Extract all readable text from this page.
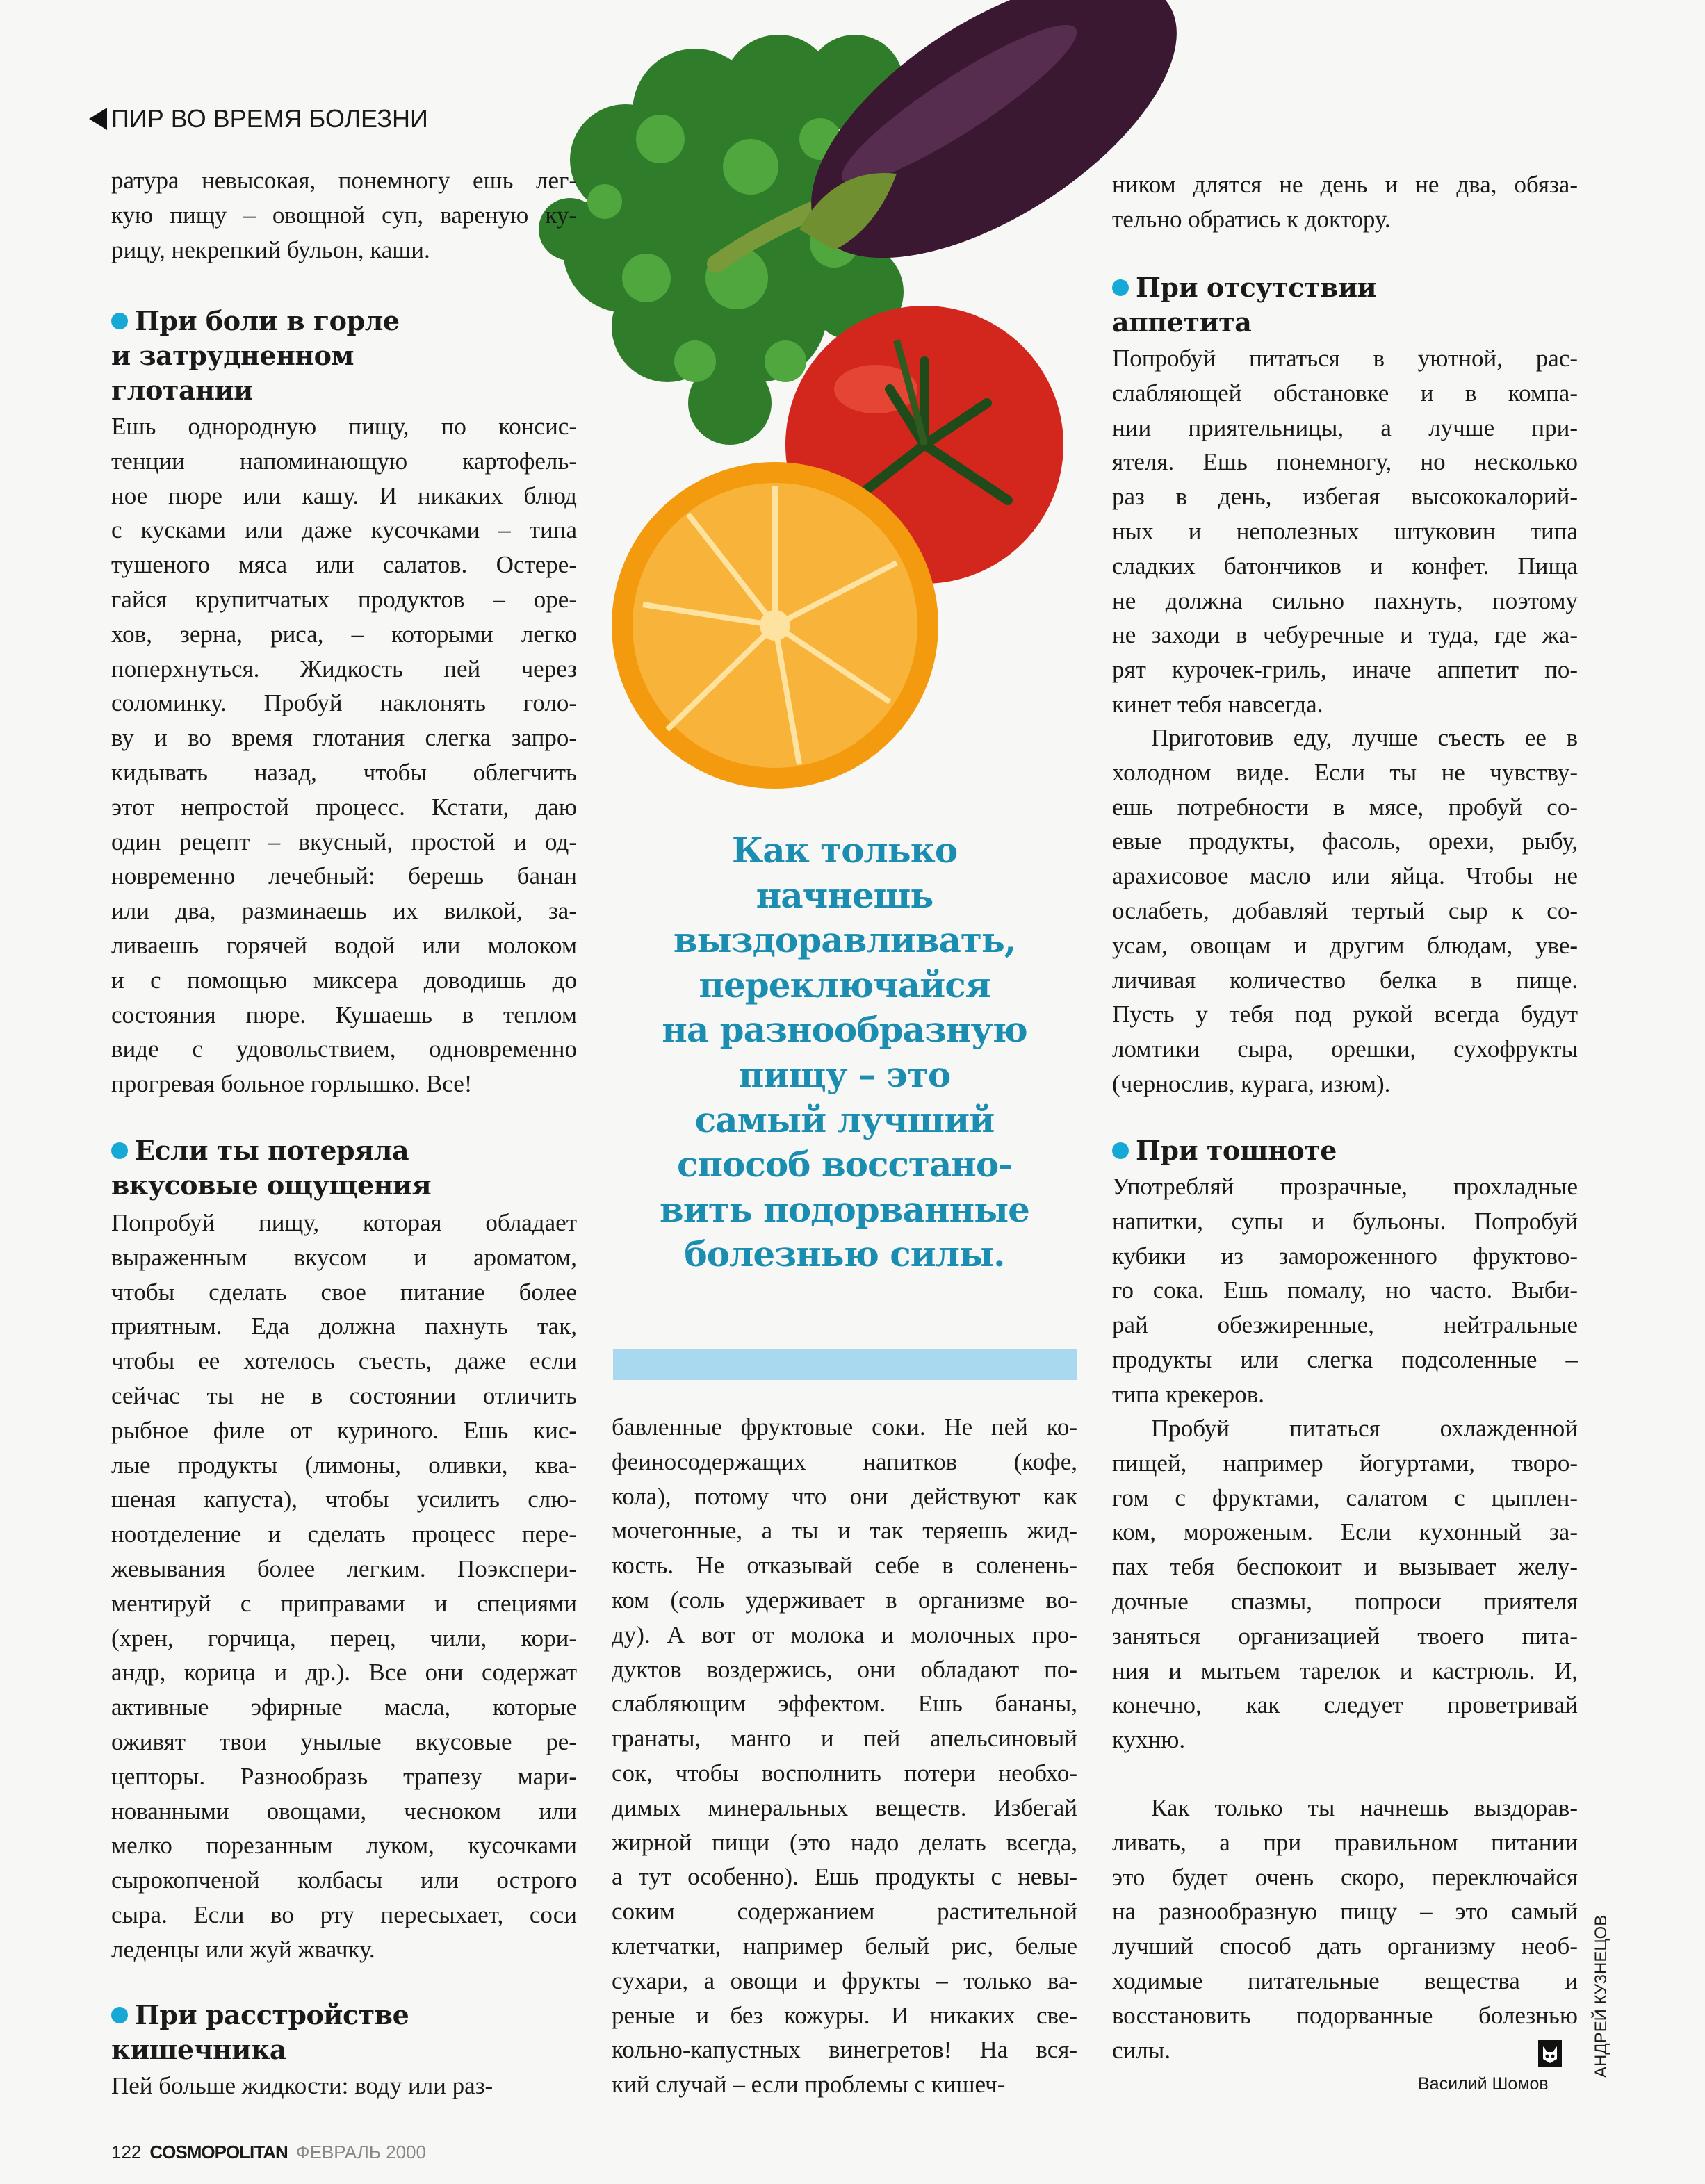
ПИР ВО ВРЕМЯ БОЛЕЗНИ
ратура невысокая, понемногу ешь лег-
кую пищу – овощной суп, вареную ку-
рицу, некрепкий бульон, каши.
При боли в горле
и затрудненном
глотании
Ешь однородную пищу, по консис-
тенции напоминающую картофель-
ное пюре или кашу. И никаких блюд
с кусками или даже кусочками – типа
тушеного мяса или салатов. Остере-
гайся крупитчатых продуктов – оре-
хов, зерна, риса, – которыми легко
поперхнуться. Жидкость пей через
соломинку. Пробуй наклонять голо-
ву и во время глотания слегка запро-
кидывать назад, чтобы облегчить
этот непростой процесс. Кстати, даю
один рецепт – вкусный, простой и од-
новременно лечебный: берешь банан
или два, разминаешь их вилкой, за-
ливаешь горячей водой или молоком
и с помощью миксера доводишь до
состояния пюре. Кушаешь в теплом
виде с удовольствием, одновременно
прогревая больное горлышко. Все!
Если ты потеряла
вкусовые ощущения
Попробуй пищу, которая обладает
выраженным вкусом и ароматом,
чтобы сделать свое питание более
приятным. Еда должна пахнуть так,
чтобы ее хотелось съесть, даже если
сейчас ты не в состоянии отличить
рыбное филе от куриного. Ешь кис-
лые продукты (лимоны, оливки, ква-
шеная капуста), чтобы усилить слю-
ноотделение и сделать процесс пере-
жевывания более легким. Поэкспери-
ментируй с приправами и специями
(хрен, горчица, перец, чили, кори-
андр, корица и др.). Все они содержат
активные эфирные масла, которые
оживят твои унылые вкусовые ре-
цепторы. Разнообразь трапезу мари-
нованными овощами, чесноком или
мелко порезанным луком, кусочками
сырокопченой колбасы или острого
сыра. Если во рту пересыхает, соси
леденцы или жуй жвачку.
При расстройстве
кишечника
Пей больше жидкости: воду или раз-
бавленные фруктовые соки. Не пей ко-
феиносодержащих напитков (кофе,
кола), потому что они действуют как
мочегонные, а ты и так теряешь жид-
кость. Не отказывай себе в соленень-
ком (соль удерживает в организме во-
ду). А вот от молока и молочных про-
дуктов воздержись, они обладают по-
слабляющим эффектом. Ешь бананы,
гранаты, манго и пей апельсиновый
сок, чтобы восполнить потери необхо-
димых минеральных веществ. Избегай
жирной пищи (это надо делать всегда,
а тут особенно). Ешь продукты с невы-
соким содержанием растительной
клетчатки, например белый рис, белые
сухари, а овощи и фрукты – только ва-
реные и без кожуры. И никаких све-
кольно-капустных винегретов! На вся-
кий случай – если проблемы с кишеч-
ником длятся не день и не два, обяза-
тельно обратись к доктору.
При отсутствии
аппетита
Попробуй питаться в уютной, рас-
слабляющей обстановке и в компа-
нии приятельницы, а лучше при-
ятеля. Ешь понемногу, но несколько
раз в день, избегая высококалорий-
ных и неполезных штуковин типа
сладких батончиков и конфет. Пища
не должна сильно пахнуть, поэтому
не заходи в чебуречные и туда, где жа-
рят курочек-гриль, иначе аппетит по-
кинет тебя навсегда.
Приготовив еду, лучше съесть ее в
холодном виде. Если ты не чувству-
ешь потребности в мясе, пробуй со-
евые продукты, фасоль, орехи, рыбу,
арахисовое масло или яйца. Чтобы не
ослабеть, добавляй тертый сыр к со-
усам, овощам и другим блюдам, уве-
личивая количество белка в пище.
Пусть у тебя под рукой всегда будут
ломтики сыра, орешки, сухофрукты
(чернослив, курага, изюм).
При тошноте
Употребляй прозрачные, прохладные
напитки, супы и бульоны. Попробуй
кубики из замороженного фруктово-
го сока. Ешь помалу, но часто. Выби-
рай обезжиренные, нейтральные
продукты или слегка подсоленные –
типа крекеров.
Пробуй питаться охлажденной
пищей, например йогуртами, творо-
гом с фруктами, салатом с цыплен-
ком, мороженым. Если кухонный за-
пах тебя беспокоит и вызывает желу-
дочные спазмы, попроси приятеля
заняться организацией твоего пита-
ния и мытьем тарелок и кастрюль. И,
конечно, как следует проветривай
кухню.
Как только ты начнешь выздорав-
ливать, а при правильном питании
это будет очень скоро, переключайся
на разнообразную пищу – это самый
лучший способ дать организму необ-
ходимые питательные вещества и
восстановить подорванные болезнью
силы.
Как только
начнешь
выздоравливать,
переключайся
на разнообразную
пищу – это
самый лучший
способ восстано-
вить подорванные
болезнью силы.
Василий Шомов
АНДРЕЙ КУЗНЕЦОВ
122 COSMOPOLITAN ФЕВРАЛЬ 2000
